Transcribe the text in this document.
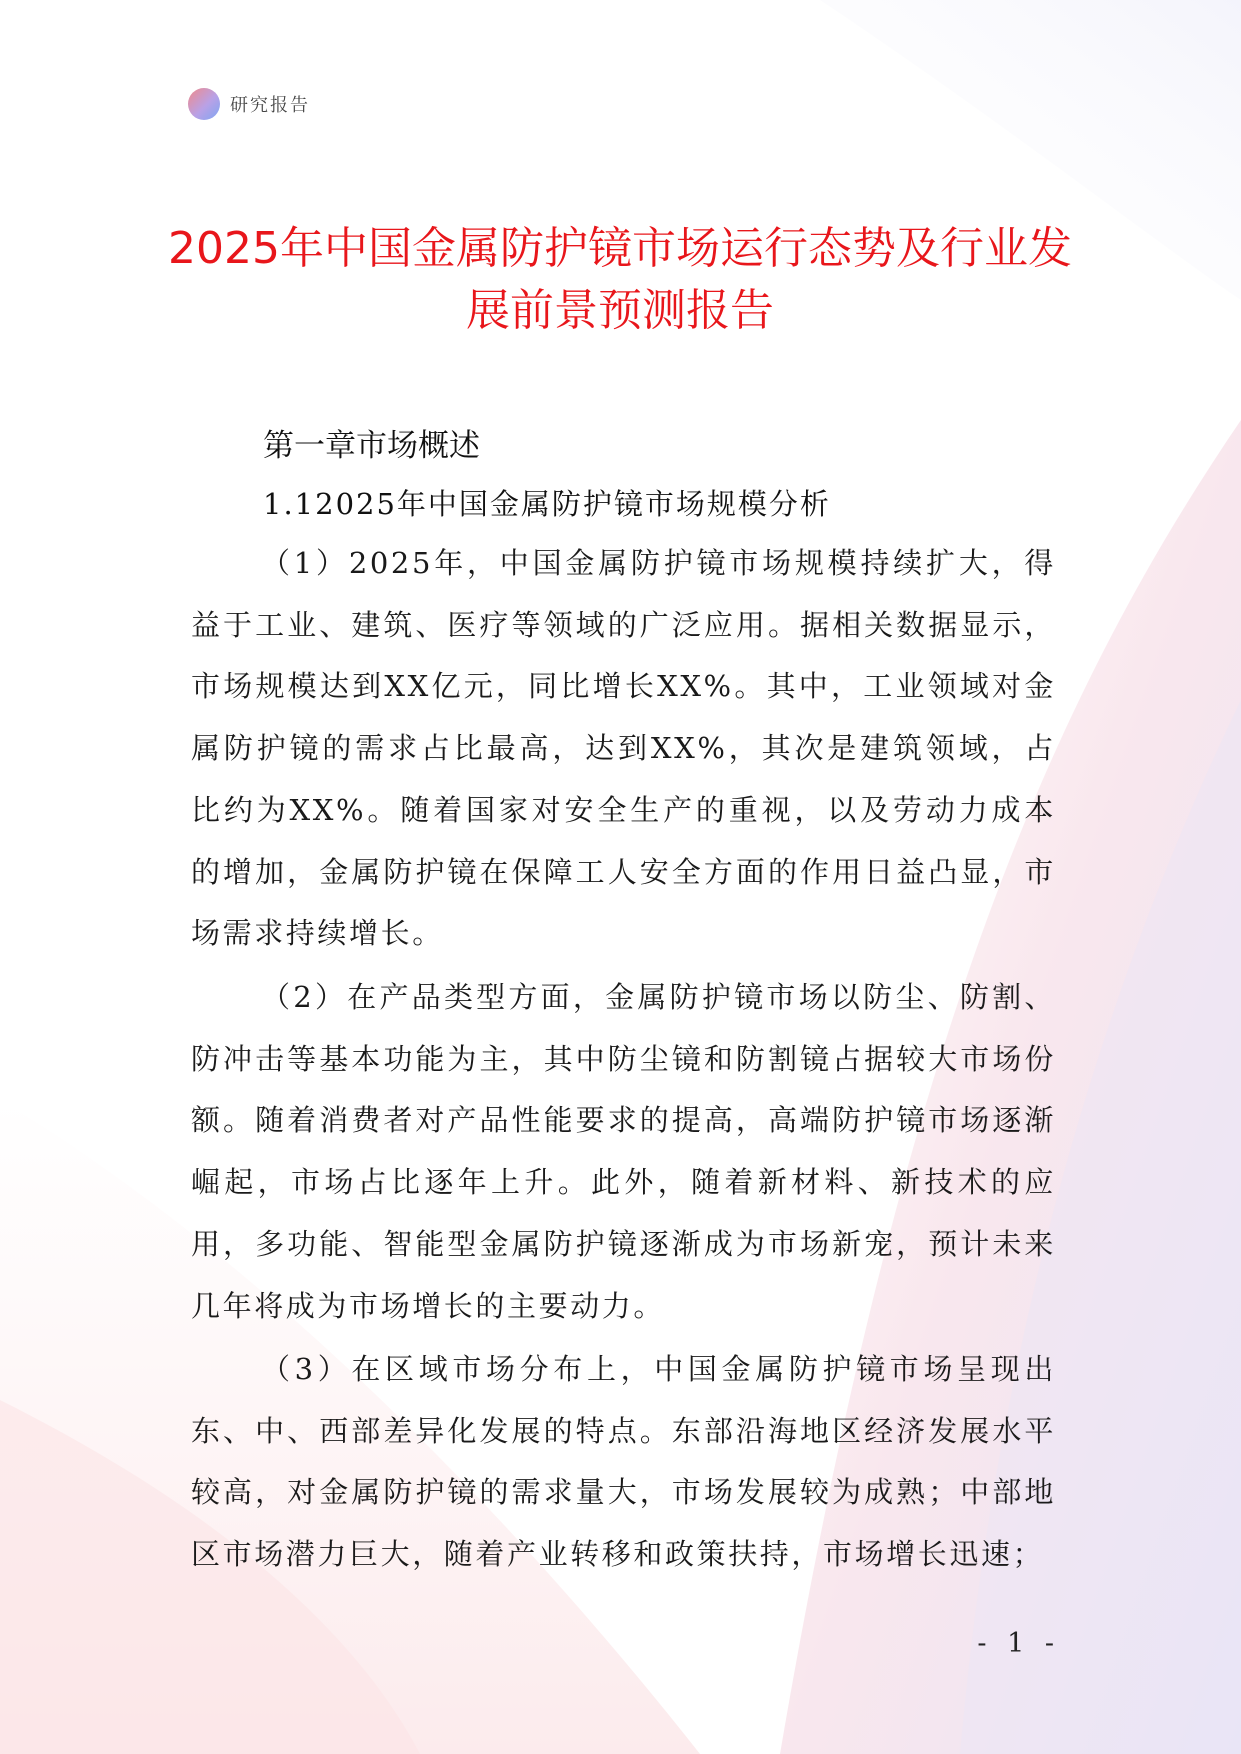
研究报告
2025年中国金属防护镜市场运行态势及行业发展前景预测报告
第一章市场概述
1.12025年中国金属防护镜市场规模分析

（1）2025年，中国金属防护镜市场规模持续扩大，得益于工业、建筑、医疗等领域的广泛应用。据相关数据显示，市场规模达到XX亿元，同比增长XX%。其中，工业领域对金属防护镜的需求占比最高，达到XX%，其次是建筑领域，占比约为XX%。随着国家对安全生产的重视，以及劳动力成本的增加，金属防护镜在保障工人安全方面的作用日益凸显，市场需求持续增长。

（2）在产品类型方面，金属防护镜市场以防尘、防割、防冲击等基本功能为主，其中防尘镜和防割镜占据较大市场份额。随着消费者对产品性能要求的提高，高端防护镜市场逐渐崛起，市场占比逐年上升。此外，随着新材料、新技术的应用，多功能、智能型金属防护镜逐渐成为市场新宠，预计未来几年将成为市场增长的主要动力。

（3）在区域市场分布上，中国金属防护镜市场呈现出东、中、西部差异化发展的特点。东部沿海地区经济发展水平较高，对金属防护镜的需求量大，市场发展较为成熟；中部地区市场潜力巨大，随着产业转移和政策扶持，市场增长迅速；

- 1 -
